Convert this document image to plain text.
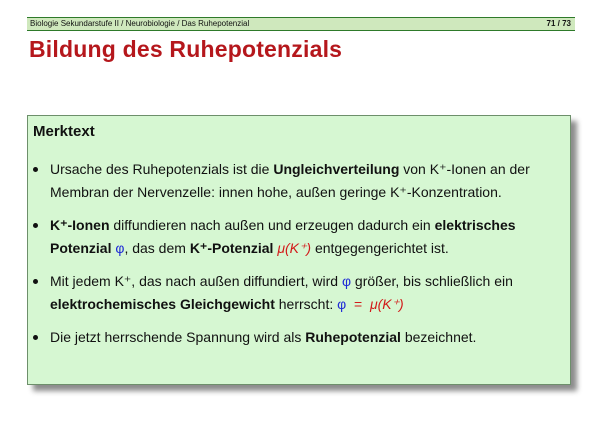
Biologie Sekundarstufe II / Neurobiologie / Das Ruhepotenzial	71 / 73
Bildung des Ruhepotenzials
Merktext
Ursache des Ruhepotenzials ist die Ungleichverteilung von K⁺-Ionen an der Membran der Nervenzelle: innen hohe, außen geringe K⁺-Konzentration.
K⁺-Ionen diffundieren nach außen und erzeugen dadurch ein elektrisches Potenzial φ, das dem K⁺-Potenzial μ(K⁺) entgegengerichtet ist.
Mit jedem K⁺, das nach außen diffundiert, wird φ größer, bis schließlich ein elektrochemisches Gleichgewicht herrscht: φ  =  μ(K⁺)
Die jetzt herrschende Spannung wird als Ruhepotenzial bezeichnet.
